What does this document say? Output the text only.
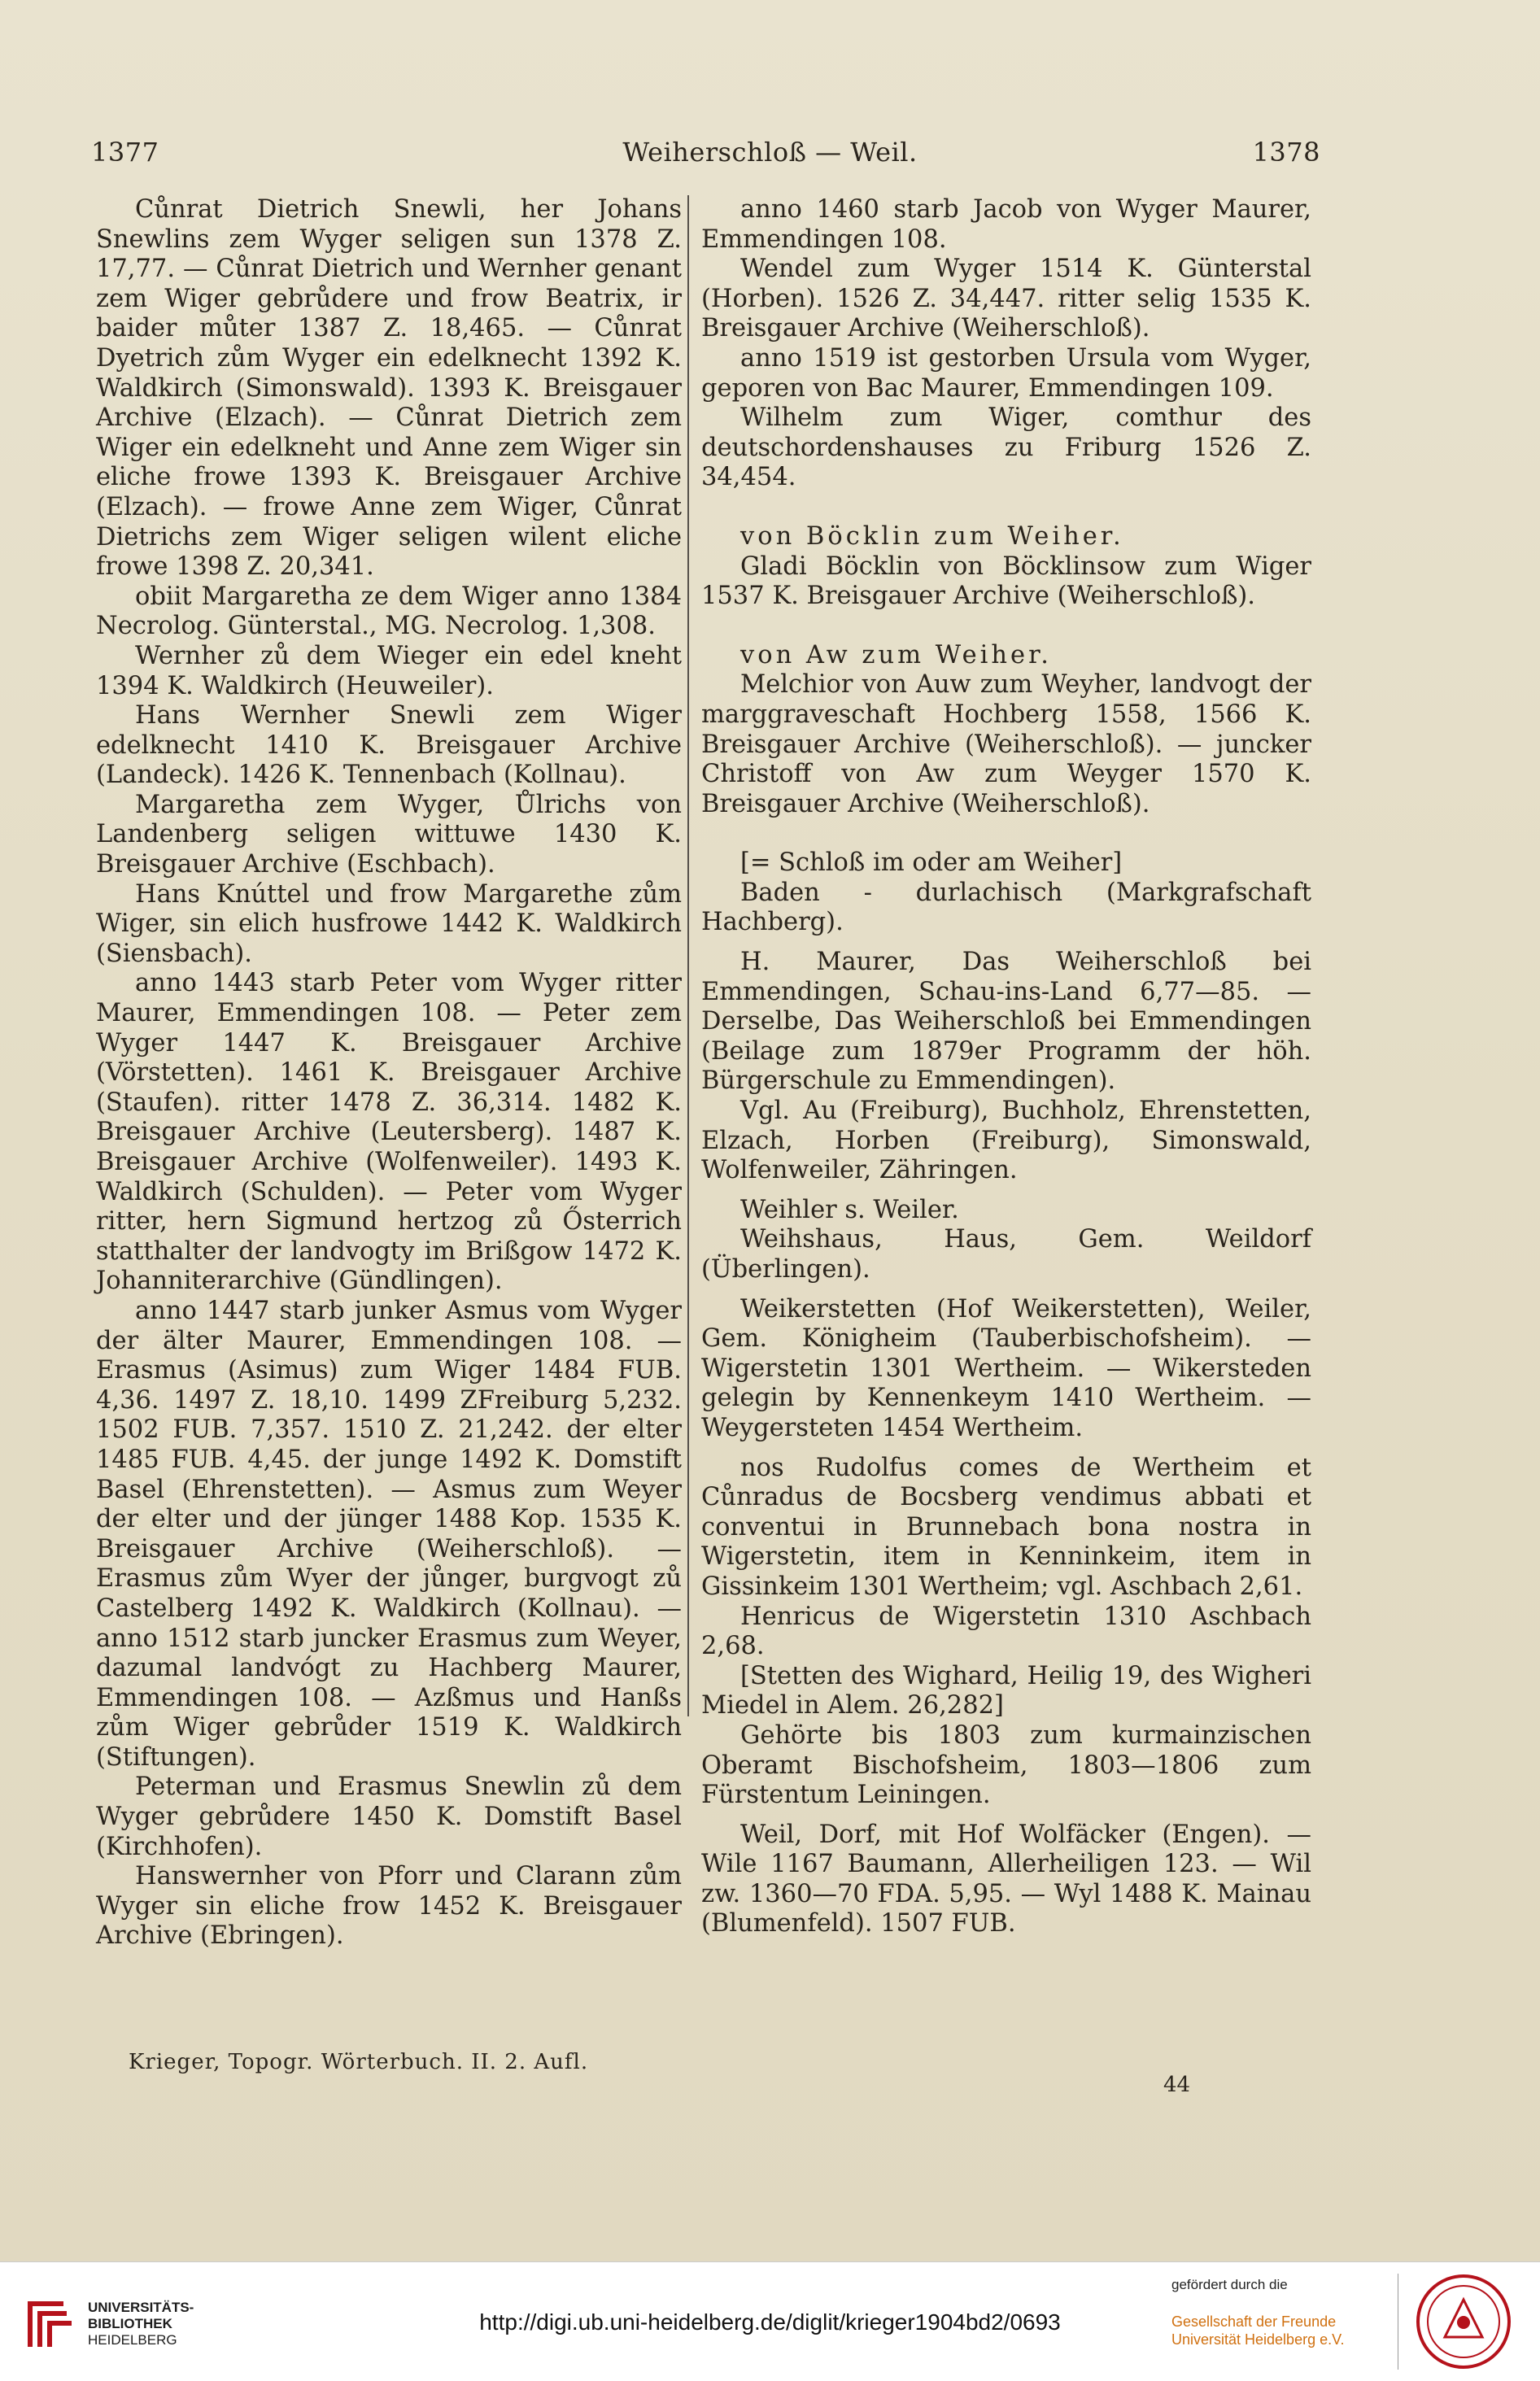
1377	Weiherschloß — Weil.	1378

Cůnrat Dietrich Snewli, her Johans Snewlins zem Wyger seligen sun 1378 Z. 17,77. — Cůnrat Dietrich und Wernher genant zem Wiger gebrůdere und frow Beatrix, ir baider můter 1387 Z. 18,465. — Cůnrat Dyetrich zům Wyger ein edelknecht 1392 K. Waldkirch (Simonswald). 1393 K. Breisgauer Archive (Elzach). — Cůnrat Dietrich zem Wiger ein edelkneht und Anne zem Wiger sin eliche frowe 1393 K. Breisgauer Archive (Elzach). — frowe Anne zem Wiger, Cůnrat Dietrichs zem Wiger seligen wilent eliche frowe 1398 Z. 20,341.

obiit Margaretha ze dem Wiger anno 1384 Necrolog. Günterstal., MG. Necrolog. 1,308.

Wernher zů dem Wieger ein edel kneht 1394 K. Waldkirch (Heuweiler).

Hans Wernher Snewli zem Wiger edelknecht 1410 K. Breisgauer Archive (Landeck). 1426 K. Tennenbach (Kollnau).

Margaretha zem Wyger, Ůlrichs von Landenberg seligen wittuwe 1430 K. Breisgauer Archive (Eschbach).

Hans Knúttel und frow Margarethe zům Wiger, sin elich husfrowe 1442 K. Waldkirch (Siensbach).

anno 1443 starb Peter vom Wyger ritter Maurer, Emmendingen 108. — Peter zem Wyger 1447 K. Breisgauer Archive (Vörstetten). 1461 K. Breisgauer Archive (Staufen). ritter 1478 Z. 36,314. 1482 K. Breisgauer Archive (Leutersberg). 1487 K. Breisgauer Archive (Wolfenweiler). 1493 K. Waldkirch (Schulden). — Peter vom Wyger ritter, hern Sigmund hertzog zů Ősterrich statthalter der landvogty im Brißgow 1472 K. Johanniterarchive (Gündlingen).

anno 1447 starb junker Asmus vom Wyger der älter Maurer, Emmendingen 108. — Erasmus (Asimus) zum Wiger 1484 FUB. 4,36. 1497 Z. 18,10. 1499 ZFreiburg 5,232. 1502 FUB. 7,357. 1510 Z. 21,242. der elter 1485 FUB. 4,45. der junge 1492 K. Domstift Basel (Ehrenstetten). — Asmus zum Weyer der elter und der jünger 1488 Kop. 1535 K. Breisgauer Archive (Weiherschloß). — Erasmus zům Wyer der jůnger, burgvogt zů Castelberg 1492 K. Waldkirch (Kollnau). — anno 1512 starb juncker Erasmus zum Weyer, dazumal landvógt zu Hachberg Maurer, Emmendingen 108. — Azßmus und Hanßs zům Wiger gebrůder 1519 K. Waldkirch (Stiftungen).

Peterman und Erasmus Snewlin zů dem Wyger gebrůdere 1450 K. Domstift Basel (Kirchhofen).

Hanswernher von Pforr und Clarann zům Wyger sin eliche frow 1452 K. Breisgauer Archive (Ebringen).

anno 1460 starb Jacob von Wyger Maurer, Emmendingen 108.

Wendel zum Wyger 1514 K. Günterstal (Horben). 1526 Z. 34,447. ritter selig 1535 K. Breisgauer Archive (Weiherschloß).

anno 1519 ist gestorben Ursula vom Wyger, geporen von Bac Maurer, Emmendingen 109.

Wilhelm zum Wiger, comthur des deutschordenshauses zu Friburg 1526 Z. 34,454.

von Böcklin zum Weiher.

Gladi Böcklin von Böcklinsow zum Wiger 1537 K. Breisgauer Archive (Weiherschloß).

von Aw zum Weiher.

Melchior von Auw zum Weyher, landvogt der marggraveschaft Hochberg 1558, 1566 K. Breisgauer Archive (Weiherschloß). — juncker Christoff von Aw zum Weyger 1570 K. Breisgauer Archive (Weiherschloß).

[= Schloß im oder am Weiher]

Baden - durlachisch (Markgrafschaft Hachberg).

H. Maurer, Das Weiherschloß bei Emmendingen, Schau-ins-Land 6,77—85. — Derselbe, Das Weiherschloß bei Emmendingen (Beilage zum 1879er Programm der höh. Bürgerschule zu Emmendingen).

Vgl. Au (Freiburg), Buchholz, Ehrenstetten, Elzach, Horben (Freiburg), Simonswald, Wolfenweiler, Zähringen.

Weihler s. Weiler.

Weihshaus, Haus, Gem. Weildorf (Überlingen).

Weikerstetten (Hof Weikerstetten), Weiler, Gem. Königheim (Tauberbischofsheim). — Wigerstetin 1301 Wertheim. — Wikersteden gelegin by Kennenkeym 1410 Wertheim. — Weygersteten 1454 Wertheim.

nos Rudolfus comes de Wertheim et Cůnradus de Bocsberg vendimus abbati et conventui in Brunnebach bona nostra in Wigerstetin, item in Kenninkeim, item in Gissinkeim 1301 Wertheim; vgl. Aschbach 2,61.

Henricus de Wigerstetin 1310 Aschbach 2,68.

[Stetten des Wighard, Heilig 19, des Wigheri Miedel in Alem. 26,282]

Gehörte bis 1803 zum kurmainzischen Oberamt Bischofsheim, 1803—1806 zum Fürstentum Leiningen.

Weil, Dorf, mit Hof Wolfäcker (Engen). — Wile 1167 Baumann, Allerheiligen 123. — Wil zw. 1360—70 FDA. 5,95. — Wyl 1488 K. Mainau (Blumenfeld). 1507 FUB.

Krieger, Topogr. Wörterbuch. II. 2. Aufl.
44
UNIVERSITÄTS-
BIBLIOTHEK
HEIDELBERG
http://digi.ub.uni-heidelberg.de/diglit/krieger1904bd2/0693
gefördert durch die
Gesellschaft der Freunde
Universität Heidelberg e.V.
